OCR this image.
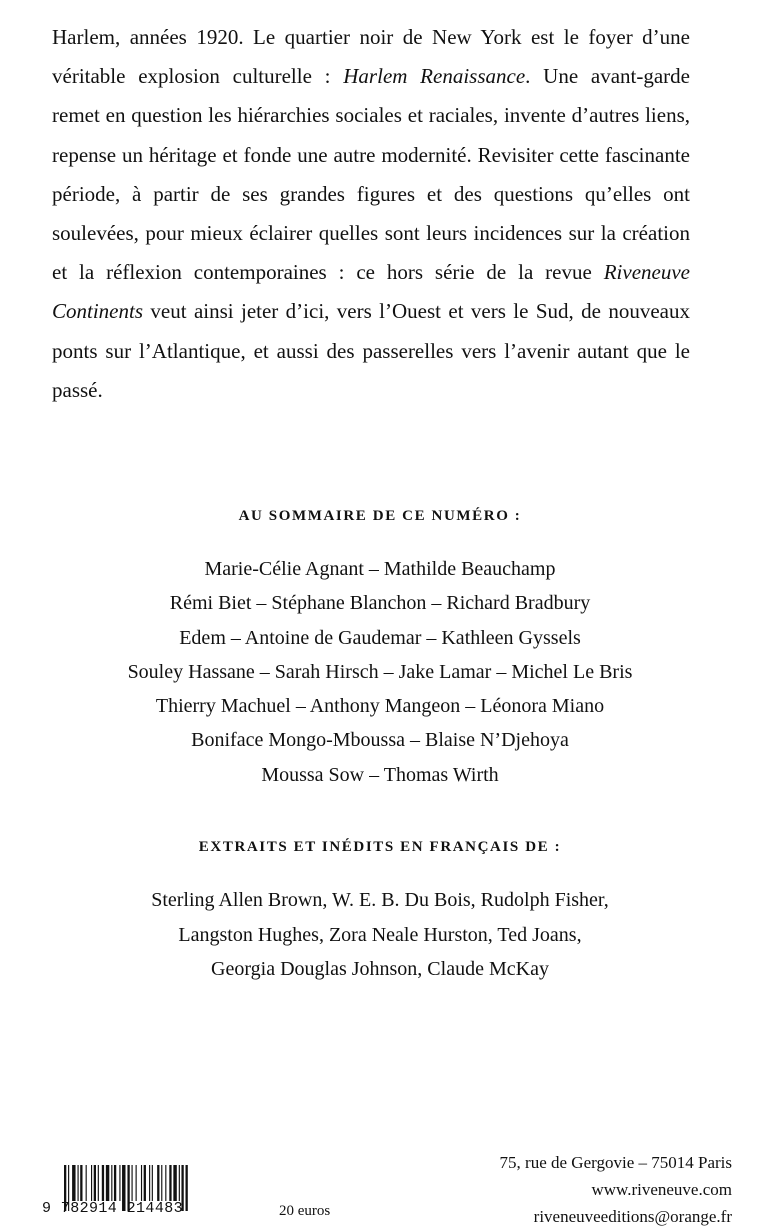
Harlem, années 1920. Le quartier noir de New York est le foyer d’une véritable explosion culturelle : Harlem Renaissance. Une avant-garde remet en question les hiérarchies sociales et raciales, invente d’autres liens, repense un héritage et fonde une autre modernité. Revisiter cette fascinante période, à partir de ses grandes figures et des questions qu’elles ont soulevées, pour mieux éclairer quelles sont leurs incidences sur la création et la réflexion contemporaines : ce hors série de la revue Riveneuve Continents veut ainsi jeter d’ici, vers l’Ouest et vers le Sud, de nouveaux ponts sur l’Atlantique, et aussi des passerelles vers l’avenir autant que le passé.

AU SOMMAIRE DE CE NUMÉRO :
Marie-Célie Agnant – Mathilde Beauchamp
Rémi Biet – Stéphane Blanchon – Richard Bradbury
Edem – Antoine de Gaudemar – Kathleen Gyssels
Souley Hassane – Sarah Hirsch – Jake Lamar – Michel Le Bris
Thierry Machuel – Anthony Mangeon – Léonora Miano
Boniface Mongo-Mboussa – Blaise N’Djehoya
Moussa Sow – Thomas Wirth
EXTRAITS ET INÉDITS EN FRANÇAIS DE :
Sterling Allen Brown, W. E. B. Du Bois, Rudolph Fisher,
Langston Hughes, Zora Neale Hurston, Ted Joans,
Georgia Douglas Johnson, Claude McKay
9 782914 214483	20 euros
75, rue de Gergovie – 75014 Paris
www.riveneuve.com
riveneuveeditions@orange.fr
